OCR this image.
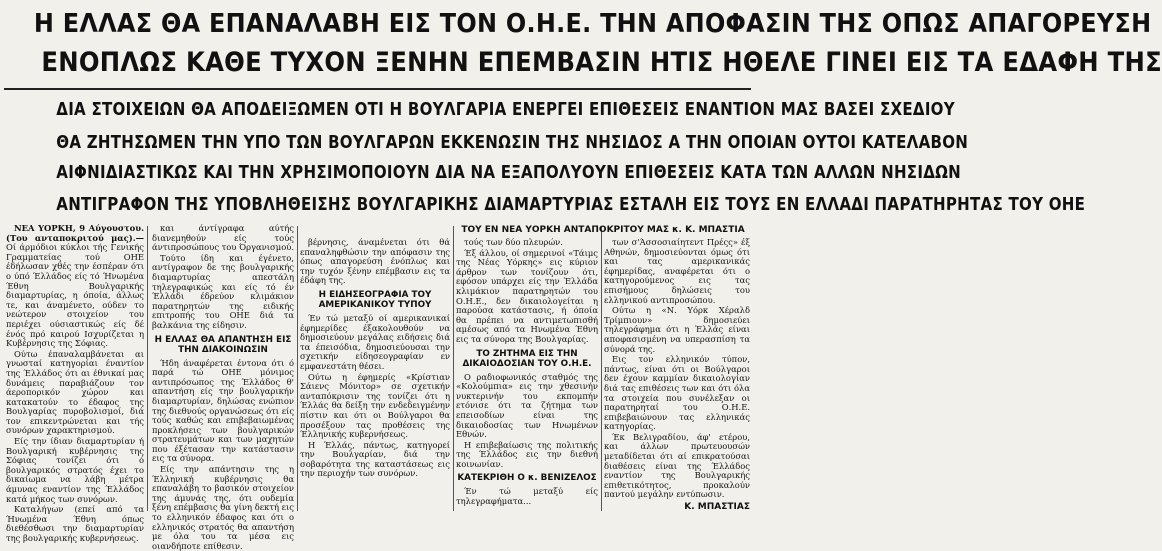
Η ΕΛΛΑΣ ΘΑ ΕΠΑΝΑΛΑΒΗ ΕΙΣ ΤΟΝ Ο.Η.Ε. ΤΗΝ ΑΠΟΦΑΣΙΝ ΤΗΣ ΟΠΩΣ ΑΠΑΓΟΡΕΥΣΗ
ΕΝΟΠΛΩΣ ΚΑΘΕ ΤΥΧΟΝ ΞΕΝΗΝ ΕΠΕΜΒΑΣΙΝ ΗΤΙΣ ΗΘΕΛΕ ΓΙΝΕΙ ΕΙΣ ΤΑ ΕΔΑΦΗ ΤΗΣ
ΔΙΑ ΣΤΟΙΧΕΙΩΝ ΘΑ ΑΠΟΔΕΙΞΩΜΕΝ ΟΤΙ Η ΒΟΥΛΓΑΡΙΑ ΕΝΕΡΓΕΙ ΕΠΙΘΕΣΕΙΣ ΕΝΑΝΤΙΟΝ ΜΑΣ ΒΑΣΕΙ ΣΧΕΔΙΟΥ
ΘΑ ΖΗΤΗΣΩΜΕΝ ΤΗΝ ΥΠΟ ΤΩΝ ΒΟΥΛΓΑΡΩΝ ΕΚΚΕΝΩΣΙΝ ΤΗΣ ΝΗΣΙΔΟΣ Α ΤΗΝ ΟΠΟΙΑΝ ΟΥΤΟΙ ΚΑΤΕΛΑΒΟΝ
ΑΙΦΝΙΔΙΑΣΤΙΚΩΣ ΚΑΙ ΤΗΝ ΧΡΗΣΙΜΟΠΟΙΟΥΝ ΔΙΑ ΝΑ ΕΞΑΠΟΛΥΟΥΝ ΕΠΙΘΕΣΕΙΣ ΚΑΤΑ ΤΩΝ ΑΛΛΩΝ ΝΗΣΙΔΩΝ
ΑΝΤΙΓΡΑΦΟΝ ΤΗΣ ΥΠΟΒΛΗΘΕΙΣΗΣ ΒΟΥΛΓΑΡΙΚΗΣ ΔΙΑΜΑΡΤΥΡΙΑΣ ΕΣΤΑΛΗ ΕΙΣ ΤΟΥΣ ΕΝ ΕΛΛΑΔΙ ΠΑΡΑΤΗΡΗΤΑΣ ΤΟΥ ΟΗΕ
ΤΟΥ ΕΝ ΝΕΑ ΥΟΡΚΗ ΑΝΤΑΠΟΚΡΙΤΟΥ ΜΑΣ κ. Κ. ΜΠΑΣΤΙΑ

ΝΕΑ ΥΟΡΚΗ, 9 Αύγουστου. (Του ανταποκριτού μας).— Οί άρμόδιοι κύκλοι τής Γενικής Γραμματείας τού ΟΗΕ έδήλωσαν χθές την έσπέραν ότι ο ύπό Έλλάδος είς τό Ήνωμένα Έθνη Βουλγαρικής διαμαρτυρίας, η όποία, άλλως τε, και άναμένετο, ούδεν το νεώτερον στοιχείον του περιέχει ούσιαστικώς είς δέ ένός πρό καιρού Ισχυρίζεται η Κυβέρνησις της Σόφιας.

Ούτω έπαναλαμβάνεται αι γνωσταί κατηγορίαι έναντίον της Έλλάδος ότι αι έθνικαί μας δυνάμεις παραβιάζουν τον άεροπορικόν χώρον και κατακατούν το έδαφος της Βουλγαρίας πυροβολισμοί, διά τον επικεντρώνεται και τής συνόρων χαρακτηρισμού.

Είς την ίδιαν διαμαρτυρίαν ή Βουλγαρική κυβέρνησις της Σόφιας τονίζει ότι ό βουλγαρικός στρατός έχει το δικαίωμα να λάβη μέτρα άμυνας εναντίον της Έλλάδος κατά μήκος των συνόρων.

Καταλήγων (επεί από τα Ήνωμένα Έθνη όπως διεθέσθωσι την διαμαρτυρίαν της βουλγαρικής κυβερνήσεως.

και άντίγραφα αύτής διανεμηθούν είς τούς άντιπροσώπους του Όργανισμού.

Τούτο ίδη και έγένετο, αντίγραφον δε της βουλγαρικής διαμαρτυρίας απεστάλη τηλεγραφικώς και είς τό έν Έλλάδι έδρεύον κλιμάκιον παρατηρητών της ειδικής επιτροπής του ΟΗΕ διά τα βαλκάνια της είδησιν.

Η ΕΛΛΑΣ ΘΑ ΑΠΑΝΤΗΣΗ ΕΙΣ ΤΗΝ ΔΙΑΚΟΙΝΩΣΙΝ

Ήδη άναφέρεται έντονα ότι ό παρά τώ ΟΗΕ μόνιμος αντιπρόσωπος της Έλλάδος θ' απαντήση είς την βουλγαρικήν διαμαρτυρίαν, δηλώσας ενώπιον της διεθνούς οργανώσεως ότι είς τούς καθώς και επιβεβαιωμένας προκλήσεις των βουλγαρικών στρατευμάτων και των μαχητών που έξέτασαν την κατάστασιν εις τα σύνορα.

Είς την απάντησιν της η Έλληνική κυβέρνησις θα επαναλάβη το βασικόν στοιχείον της άμυνάς της, ότι ουδεμία ξένη επέμβασις θα γίνη δεκτή εις το ελληνικόν έδαφος και ότι ο ελληνικός στρατός θα απαντήση με όλα του τα μέσα εις οιανδήποτε επίθεσιν.

βέρνησις, άναμένεται ότι θά επαναληφθώσιν την απόφασιν της όπως απαγορεύση ένόπλως και την τυχόν ξένην επέμβασιν εις τα έδάφη της.

Η ΕΙΔΗΣΕΟΓΡΑΦΙΑ ΤΟΥ ΑΜΕΡΙΚΑΝΙΚΟΥ ΤΥΠΟΥ

Έν τώ μεταξύ οί αμερικανικαί έφημερίδες έξακολουθούν να δημοσιεύουν μεγάλας ειδήσεις διά τα έπεισόδια, δημοσιεύουσαι την σχετικήν είδησεογραφίαν εν εμφανεστάτη θέσει.

Ούτω η έφημερίς «Κρίστιαν Σάιενς Μόνιτορ» σε σχετικήν ανταπόκρισιν της τονίζει ότι η Έλλάς θα δείξη την ενδεδειγμένην πίστιν και ότι οι Βούλγαροι θα προσέξουν τας προθέσεις της Έλληνικής κυβερνήσεως.

Η Έλλάς, πάντως, κατηγορεί την Βουλγαρίαν, διά την σοβαρότητα της καταστάσεως εις την περιοχήν των συνόρων.

τούς των δύο πλευρών.

Έξ άλλου, οί σημερινοί «Τάιμς της Νέας Υόρκης» εις κύριον άρθρον των τονίζουν ότι, εφόσον υπάρχει είς την Έλλάδα κλιμάκιον παρατηρητών του Ο.Η.Ε., δεν δικαιολογείται η παρούσα κατάστασις, ή όποία θα πρέπει να αντιμετωπισθή αμέσως από τα Ηνωμένα Έθνη εις τα σύνορα της Βουλγαρίας.

ΤΟ ΖΗΤΗΜΑ ΕΙΣ ΤΗΝ ΔΙΚΑΙΟΔΟΣΙΑΝ ΤΟΥ Ο.Η.Ε.

Ο ραδιοφωνικός σταθμός της «Κολούμπια» εις την χθεσινήν νυκτερινήν του εκπομπήν ετόνισε ότι τα ζήτημα των επεισοδίων είναι της δικαιοδοσίας των Ηνωμένων Εθνών.

Η επιβεβαίωσις της πολιτικής της Έλλάδος εις την διεθνή κοινωνίαν.

ΚΑΤΕΚΡΙΘΗ Ο κ. ΒΕΝΙΖΕΛΟΣ

Έν τώ μεταξύ είς τηλεγραφήματα...

των σ'Άσσοσιαίητεντ Πρέςς» έξ Αθηνών, δημοσιεύονται όμως ότι και τας αμερικανικάς έφημερίδας, αναφέρεται ότι ο κατηγορούμενος εις τας επισήμους δηλώσεις του ελληνικού αντιπροσώπου.

Ούτω η «Ν. Υόρκ Χέραλδ Τρίμπιουν» δημοσιεύει τηλεγράφημα ότι η Έλλάς είναι αποφασισμένη να υπερασπίση τα σύνορά της.

Εις τον ελληνικόν τύπον, πάντως, είναι ότι οι Βούλγαροι δεν έχουν καμμίαν δικαιολογίαν διά τας επιθέσεις των και ότι όλα τα στοιχεία που συνέλεξαν οι παρατηρηταί του Ο.Η.Ε. επιβεβαιώνουν τας ελληνικάς κατηγορίας.

Έκ Βελιγραδίου, άφ' ετέρου, και άλλων πρωτευουσών μεταδίδεται ότι αί επικρατούσαι διαθέσεις είναι της Έλλάδος εναντίον της Βουλγαρικής επιθετικότητος, προκαλούν παντού μεγάλην εντύπωσιν.

Κ. ΜΠΑΣΤΙΑΣ
